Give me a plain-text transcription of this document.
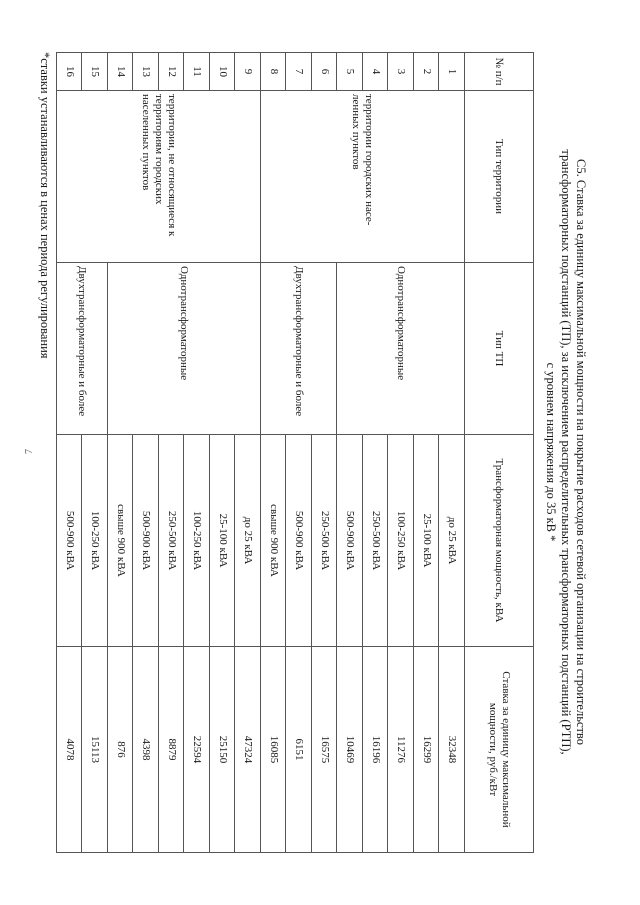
7	С5. Ставка за единицу максимальной мощности на покрытие расходов сетевой организации на строительство
трансформаторных подстанций (ТП), за исключением распределительных трансформаторных подстанций (РТП),
с уровнем напряжения до 35 кВ *
№ п/п	Тип территории	Тип ТП	Трансформаторная мощность, кВА	Ставка за единицу максимальной мощности, руб./кВт
1	территории городских насе-ленных пунктов	Однотрансформаторные	до 25 кВА	32348
2			25-100 кВА	16299
3			100-250 кВА	11276
4			250-500 кВА	16196
5			500-900 кВА	10469
6		Двухтрансформаторные и более	250-500 кВА	16575
7			500-900 кВА	6151
8			свыше 900 кВА	16085
9	территории, не относящиеся к территориям городских населенных пунктов	Однотрансформаторные	до 25 кВА	47324
10			25-100 кВА	25150
11			100-250 кВА	22594
12			250-500 кВА	8879
13			500-900 кВА	4398
14			свыше 900 кВА	876
15		Двухтрансформаторные и более	100-250 кВА	15113
16			500-900 кВА	4078
*ставки устанавливаются в ценах периода регулирования
